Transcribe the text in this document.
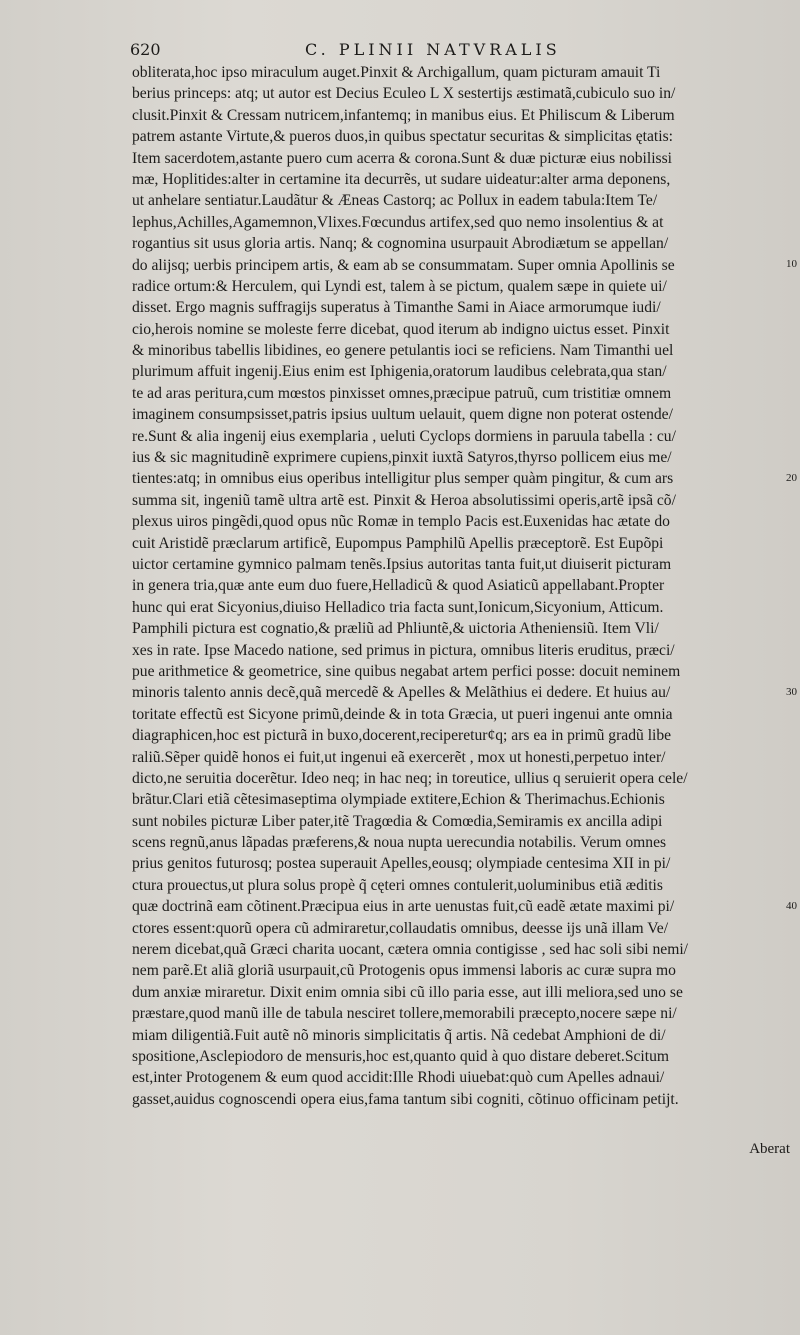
620	C. PLINII NATVRALIS
obliterata,hoc ipso miraculum auget.Pinxit & Archigallum, quam picturam amauit Ti
berius princeps: atq; ut autor est Decius Eculeo L X sestertijs æstimatã,cubiculo suo in/
clusit.Pinxit & Cressam nutricem,infantemq; in manibus eius. Et Philiscum & Liberum
patrem astante Virtute,& pueros duos,in quibus spectatur securitas & simplicitas ętatis:
Item sacerdotem,astante puero cum acerra & corona.Sunt & duæ picturæ eius nobilissi
mæ, Hoplitides:alter in certamine ita decurrẽs, ut sudare uideatur:alter arma deponens,
ut anhelare sentiatur.Laudãtur & Æneas Castorq; ac Pollux in eadem tabula:Item Te/
lephus,Achilles,Agamemnon,Vlixes.Fœcundus artifex,sed quo nemo insolentius & at
rogantius sit usus gloria artis. Nanq; & cognomina usurpauit Abrodiætum se appellan/
do alijsq; uerbis principem artis, & eam ab se consummatam. Super omnia Apollinis se
radice ortum:& Herculem, qui Lyndi est, talem à se pictum, qualem sæpe in quiete ui/
disset. Ergo magnis suffragijs superatus à Timanthe Sami in Aiace armorumque iudi/
cio,herois nomine se moleste ferre dicebat, quod iterum ab indigno uictus esset. Pinxit
& minoribus tabellis libidines, eo genere petulantis ioci se reficiens. Nam Timanthi uel
plurimum affuit ingenij.Eius enim est Iphigenia,oratorum laudibus celebrata,qua stan/
te ad aras peritura,cum mœstos pinxisset omnes,præcipue patruũ, cum tristitiæ omnem
imaginem consumpsisset,patris ipsius uultum uelauit, quem digne non poterat ostende/
re.Sunt & alia ingenij eius exemplaria , ueluti Cyclops dormiens in paruula tabella : cu/
ius & sic magnitudinẽ exprimere cupiens,pinxit iuxtã Satyros,thyrso pollicem eius me/
tientes:atq; in omnibus eius operibus intelligitur plus semper quàm pingitur, & cum ars
summa sit, ingeniũ tamẽ ultra artẽ est. Pinxit & Heroa absolutissimi operis,artẽ ipsã cõ/
plexus uiros pingẽdi,quod opus nũc Romæ in templo Pacis est.Euxenidas hac ætate do
cuit Aristidẽ præclarum artificẽ, Eupompus Pamphilũ Apellis præceptorẽ. Est Eupõpi
uictor certamine gymnico palmam tenẽs.Ipsius autoritas tanta fuit,ut diuiserit picturam
in genera tria,quæ ante eum duo fuere,Helladicũ & quod Asiaticũ appellabant.Propter
hunc qui erat Sicyonius,diuiso Helladico tria facta sunt,Ionicum,Sicyonium, Atticum.
Pamphili pictura est cognatio,& præliũ ad Phliuntẽ,& uictoria Atheniensiũ. Item Vli/
xes in rate. Ipse Macedo natione, sed primus in pictura, omnibus literis eruditus, præci/
pue arithmetice & geometrice, sine quibus negabat artem perfici posse: docuit neminem
minoris talento annis decẽ,quã mercedẽ & Apelles & Melãthius ei dedere. Et huius au/
toritate effectũ est Sicyone primũ,deinde & in tota Græcia, ut pueri ingenui ante omnia
diagraphicen,hoc est picturã in buxo,docerent,reciperetur¢q; ars ea in primũ gradũ libe
raliũ.Sẽper quidẽ honos ei fuit,ut ingenui eã exercerẽt , mox ut honesti,perpetuo inter/
dicto,ne seruitia docerẽtur. Ideo neq; in hac neq; in toreutice, ullius q seruierit opera cele/
brãtur.Clari etiã cẽtesimaseptima olympiade extitere,Echion & Therimachus.Echionis
sunt nobiles picturæ Liber pater,itẽ Tragœdia & Comœdia,Semiramis ex ancilla adipi
scens regnũ,anus lãpadas præferens,& noua nupta uerecundia notabilis. Verum omnes
prius genitos futurosq; postea superauit Apelles,eousq; olympiade centesima XII in pi/
ctura prouectus,ut plura solus propè q̃ cęteri omnes contulerit,uoluminibus etiã æditis
quæ doctrinã eam cõtinent.Præcipua eius in arte uenustas fuit,cũ eadẽ ætate maximi pi/
ctores essent:quorũ opera cũ admiraretur,collaudatis omnibus, deesse ijs unã illam Ve/
nerem dicebat,quã Græci charita uocant, cætera omnia contigisse , sed hac soli sibi nemi/
nem parẽ.Et aliã gloriã usurpauit,cũ Protogenis opus immensi laboris ac curæ supra mo
dum anxiæ miraretur. Dixit enim omnia sibi cũ illo paria esse, aut illi meliora,sed uno se
præstare,quod manũ ille de tabula nesciret tollere,memorabili præcepto,nocere sæpe ni/
miam diligentiã.Fuit autẽ nõ minoris simplicitatis q̃ artis. Nã cedebat Amphioni de di/
spositione,Asclepiodoro de mensuris,hoc est,quanto quid à quo distare deberet.Scitum
est,inter Protogenem & eum quod accidit:Ille Rhodi uiuebat:quò cum Apelles adnaui/
gasset,auidus cognoscendi opera eius,fama tantum sibi cogniti, cõtinuo officinam petijt.
Aberat
10
20
30
40
